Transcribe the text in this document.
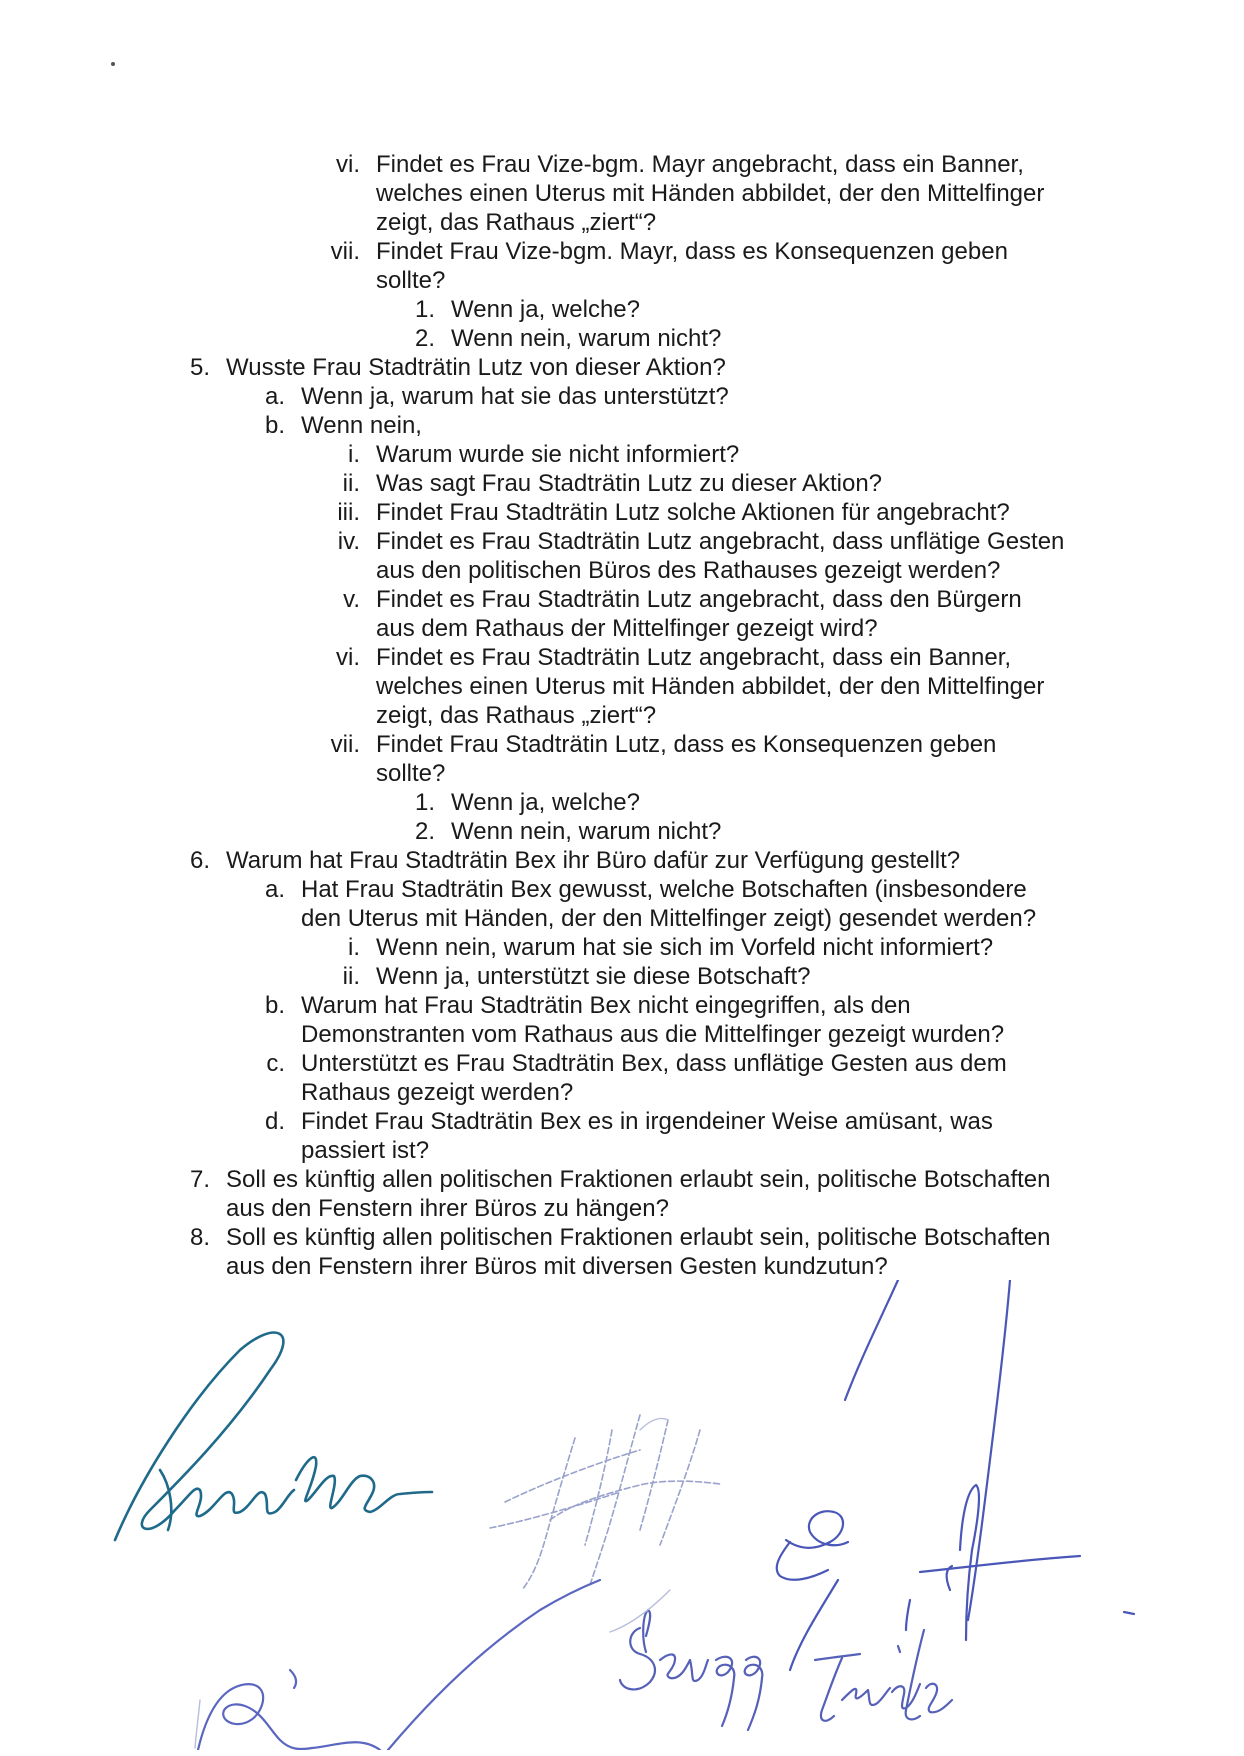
vi. Findet es Frau Vize-bgm. Mayr angebracht, dass ein Banner,
welches einen Uterus mit Händen abbildet, der den Mittelfinger
zeigt, das Rathaus „ziert“?
vii. Findet Frau Vize-bgm. Mayr, dass es Konsequenzen geben
sollte?
1. Wenn ja, welche?
2. Wenn nein, warum nicht?
5. Wusste Frau Stadträtin Lutz von dieser Aktion?
a. Wenn ja, warum hat sie das unterstützt?
b. Wenn nein,
i. Warum wurde sie nicht informiert?
ii. Was sagt Frau Stadträtin Lutz zu dieser Aktion?
iii. Findet Frau Stadträtin Lutz solche Aktionen für angebracht?
iv. Findet es Frau Stadträtin Lutz angebracht, dass unflätige Gesten
aus den politischen Büros des Rathauses gezeigt werden?
v. Findet es Frau Stadträtin Lutz angebracht, dass den Bürgern
aus dem Rathaus der Mittelfinger gezeigt wird?
vi. Findet es Frau Stadträtin Lutz angebracht, dass ein Banner,
welches einen Uterus mit Händen abbildet, der den Mittelfinger
zeigt, das Rathaus „ziert“?
vii. Findet Frau Stadträtin Lutz, dass es Konsequenzen geben
sollte?
1. Wenn ja, welche?
2. Wenn nein, warum nicht?
6. Warum hat Frau Stadträtin Bex ihr Büro dafür zur Verfügung gestellt?
a. Hat Frau Stadträtin Bex gewusst, welche Botschaften (insbesondere
den Uterus mit Händen, der den Mittelfinger zeigt) gesendet werden?
i. Wenn nein, warum hat sie sich im Vorfeld nicht informiert?
ii. Wenn ja, unterstützt sie diese Botschaft?
b. Warum hat Frau Stadträtin Bex nicht eingegriffen, als den
Demonstranten vom Rathaus aus die Mittelfinger gezeigt wurden?
c. Unterstützt es Frau Stadträtin Bex, dass unflätige Gesten aus dem
Rathaus gezeigt werden?
d. Findet Frau Stadträtin Bex es in irgendeiner Weise amüsant, was
passiert ist?
7. Soll es künftig allen politischen Fraktionen erlaubt sein, politische Botschaften
aus den Fenstern ihrer Büros zu hängen?
8. Soll es künftig allen politischen Fraktionen erlaubt sein, politische Botschaften
aus den Fenstern ihrer Büros mit diversen Gesten kundzutun?
